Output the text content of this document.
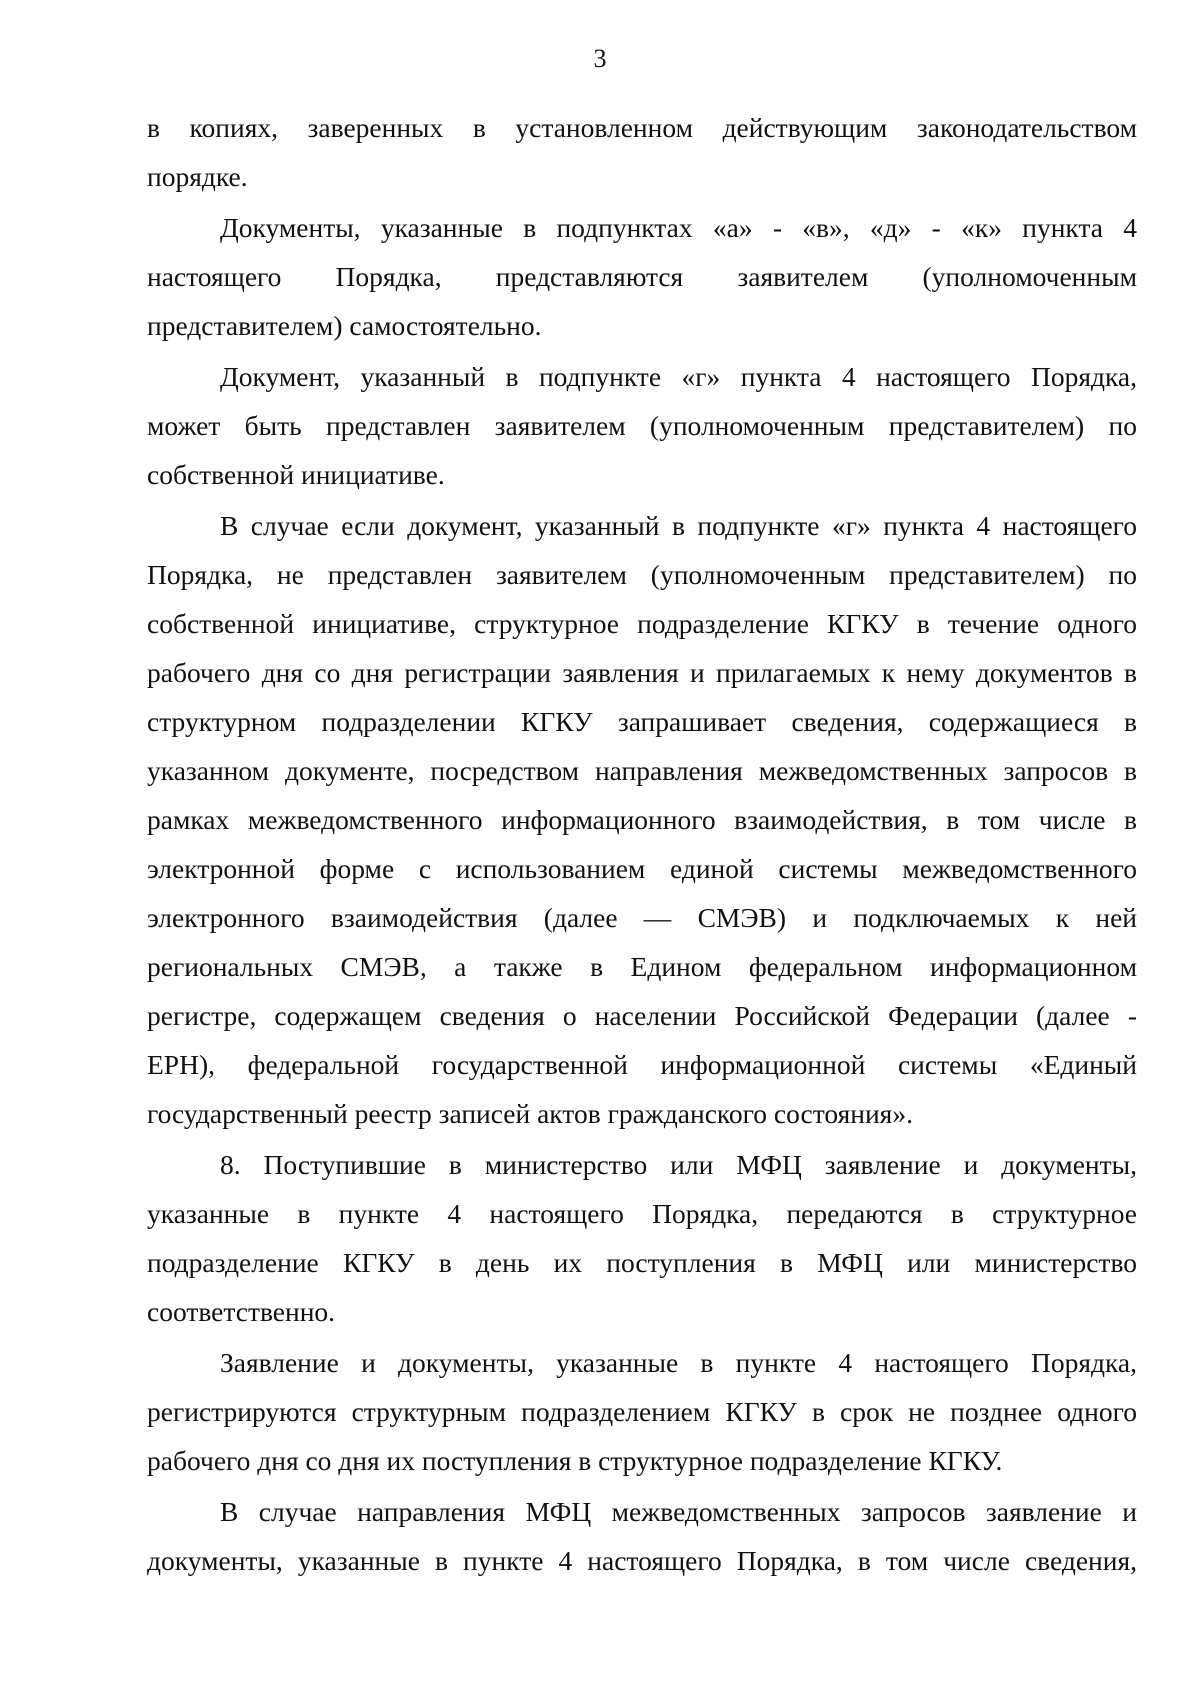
3
в копиях, заверенных в установленном действующим законодательством
порядке.
Документы, указанные в подпунктах «а» - «в», «д» - «к» пункта 4
настоящего Порядка, представляются заявителем (уполномоченным
представителем) самостоятельно.
Документ, указанный в подпункте «г» пункта 4 настоящего Порядка,
может быть представлен заявителем (уполномоченным представителем) по
собственной инициативе.
В случае если документ, указанный в подпункте «г» пункта 4 настоящего
Порядка, не представлен заявителем (уполномоченным представителем) по
собственной инициативе, структурное подразделение КГКУ в течение одного
рабочего дня со дня регистрации заявления и прилагаемых к нему документов в
структурном подразделении КГКУ запрашивает сведения, содержащиеся в
указанном документе, посредством направления межведомственных запросов в
рамках межведомственного информационного взаимодействия, в том числе в
электронной форме с использованием единой системы межведомственного
электронного взаимодействия (далее — СМЭВ) и подключаемых к ней
региональных СМЭВ, а также в Едином федеральном информационном
регистре, содержащем сведения о населении Российской Федерации (далее -
ЕРН), федеральной государственной информационной системы «Единый
государственный реестр записей актов гражданского состояния».
8. Поступившие в министерство или МФЦ заявление и документы,
указанные в пункте 4 настоящего Порядка, передаются в структурное
подразделение КГКУ в день их поступления в МФЦ или министерство
соответственно.
Заявление и документы, указанные в пункте 4 настоящего Порядка,
регистрируются структурным подразделением КГКУ в срок не позднее одного
рабочего дня со дня их поступления в структурное подразделение КГКУ.
В случае направления МФЦ межведомственных запросов заявление и
документы, указанные в пункте 4 настоящего Порядка, в том числе сведения,
